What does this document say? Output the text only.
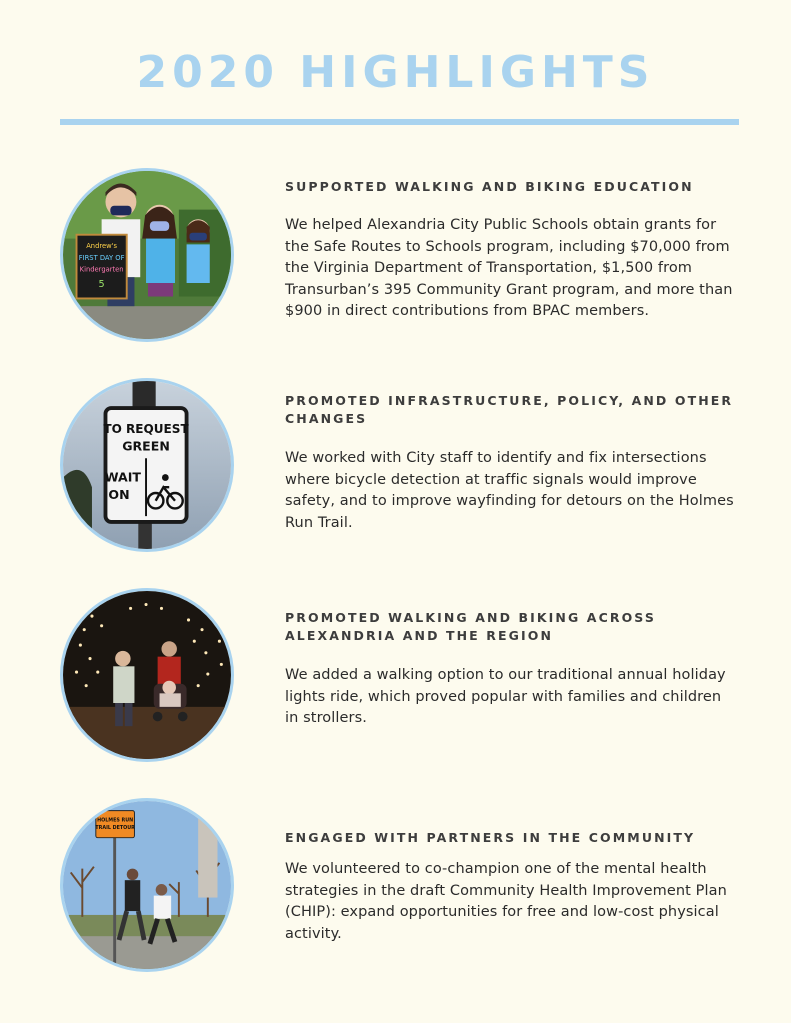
2020 HIGHLIGHTS
Andrew's
FIRST DAY OF
Kindergarten
5

SUPPORTED WALKING AND BIKING EDUCATION

We helped Alexandria City Public Schools obtain grants for the Safe Routes to Schools program, including $70,000 from the Virginia Department of Transportation, $1,500 from Transurban’s 395 Community Grant program, and more than $900 in direct contributions from BPAC members.

TO REQUEST
GREEN
WAIT
ON

PROMOTED INFRASTRUCTURE, POLICY, AND OTHER CHANGES

We worked with City staff to identify and fix intersections where bicycle detection at traffic signals would improve safety, and to improve wayfinding for detours on the Holmes Run Trail.

PROMOTED WALKING AND BIKING ACROSS ALEXANDRIA AND THE REGION

We added a walking option to our traditional annual holiday lights ride, which proved popular with families and children in strollers.

HOLMES RUN
TRAIL DETOUR

ENGAGED WITH PARTNERS IN THE COMMUNITY

We volunteered to co-champion one of the mental health strategies in the draft Community Health Improvement Plan (CHIP): expand opportunities for free and low-cost physical activity.
